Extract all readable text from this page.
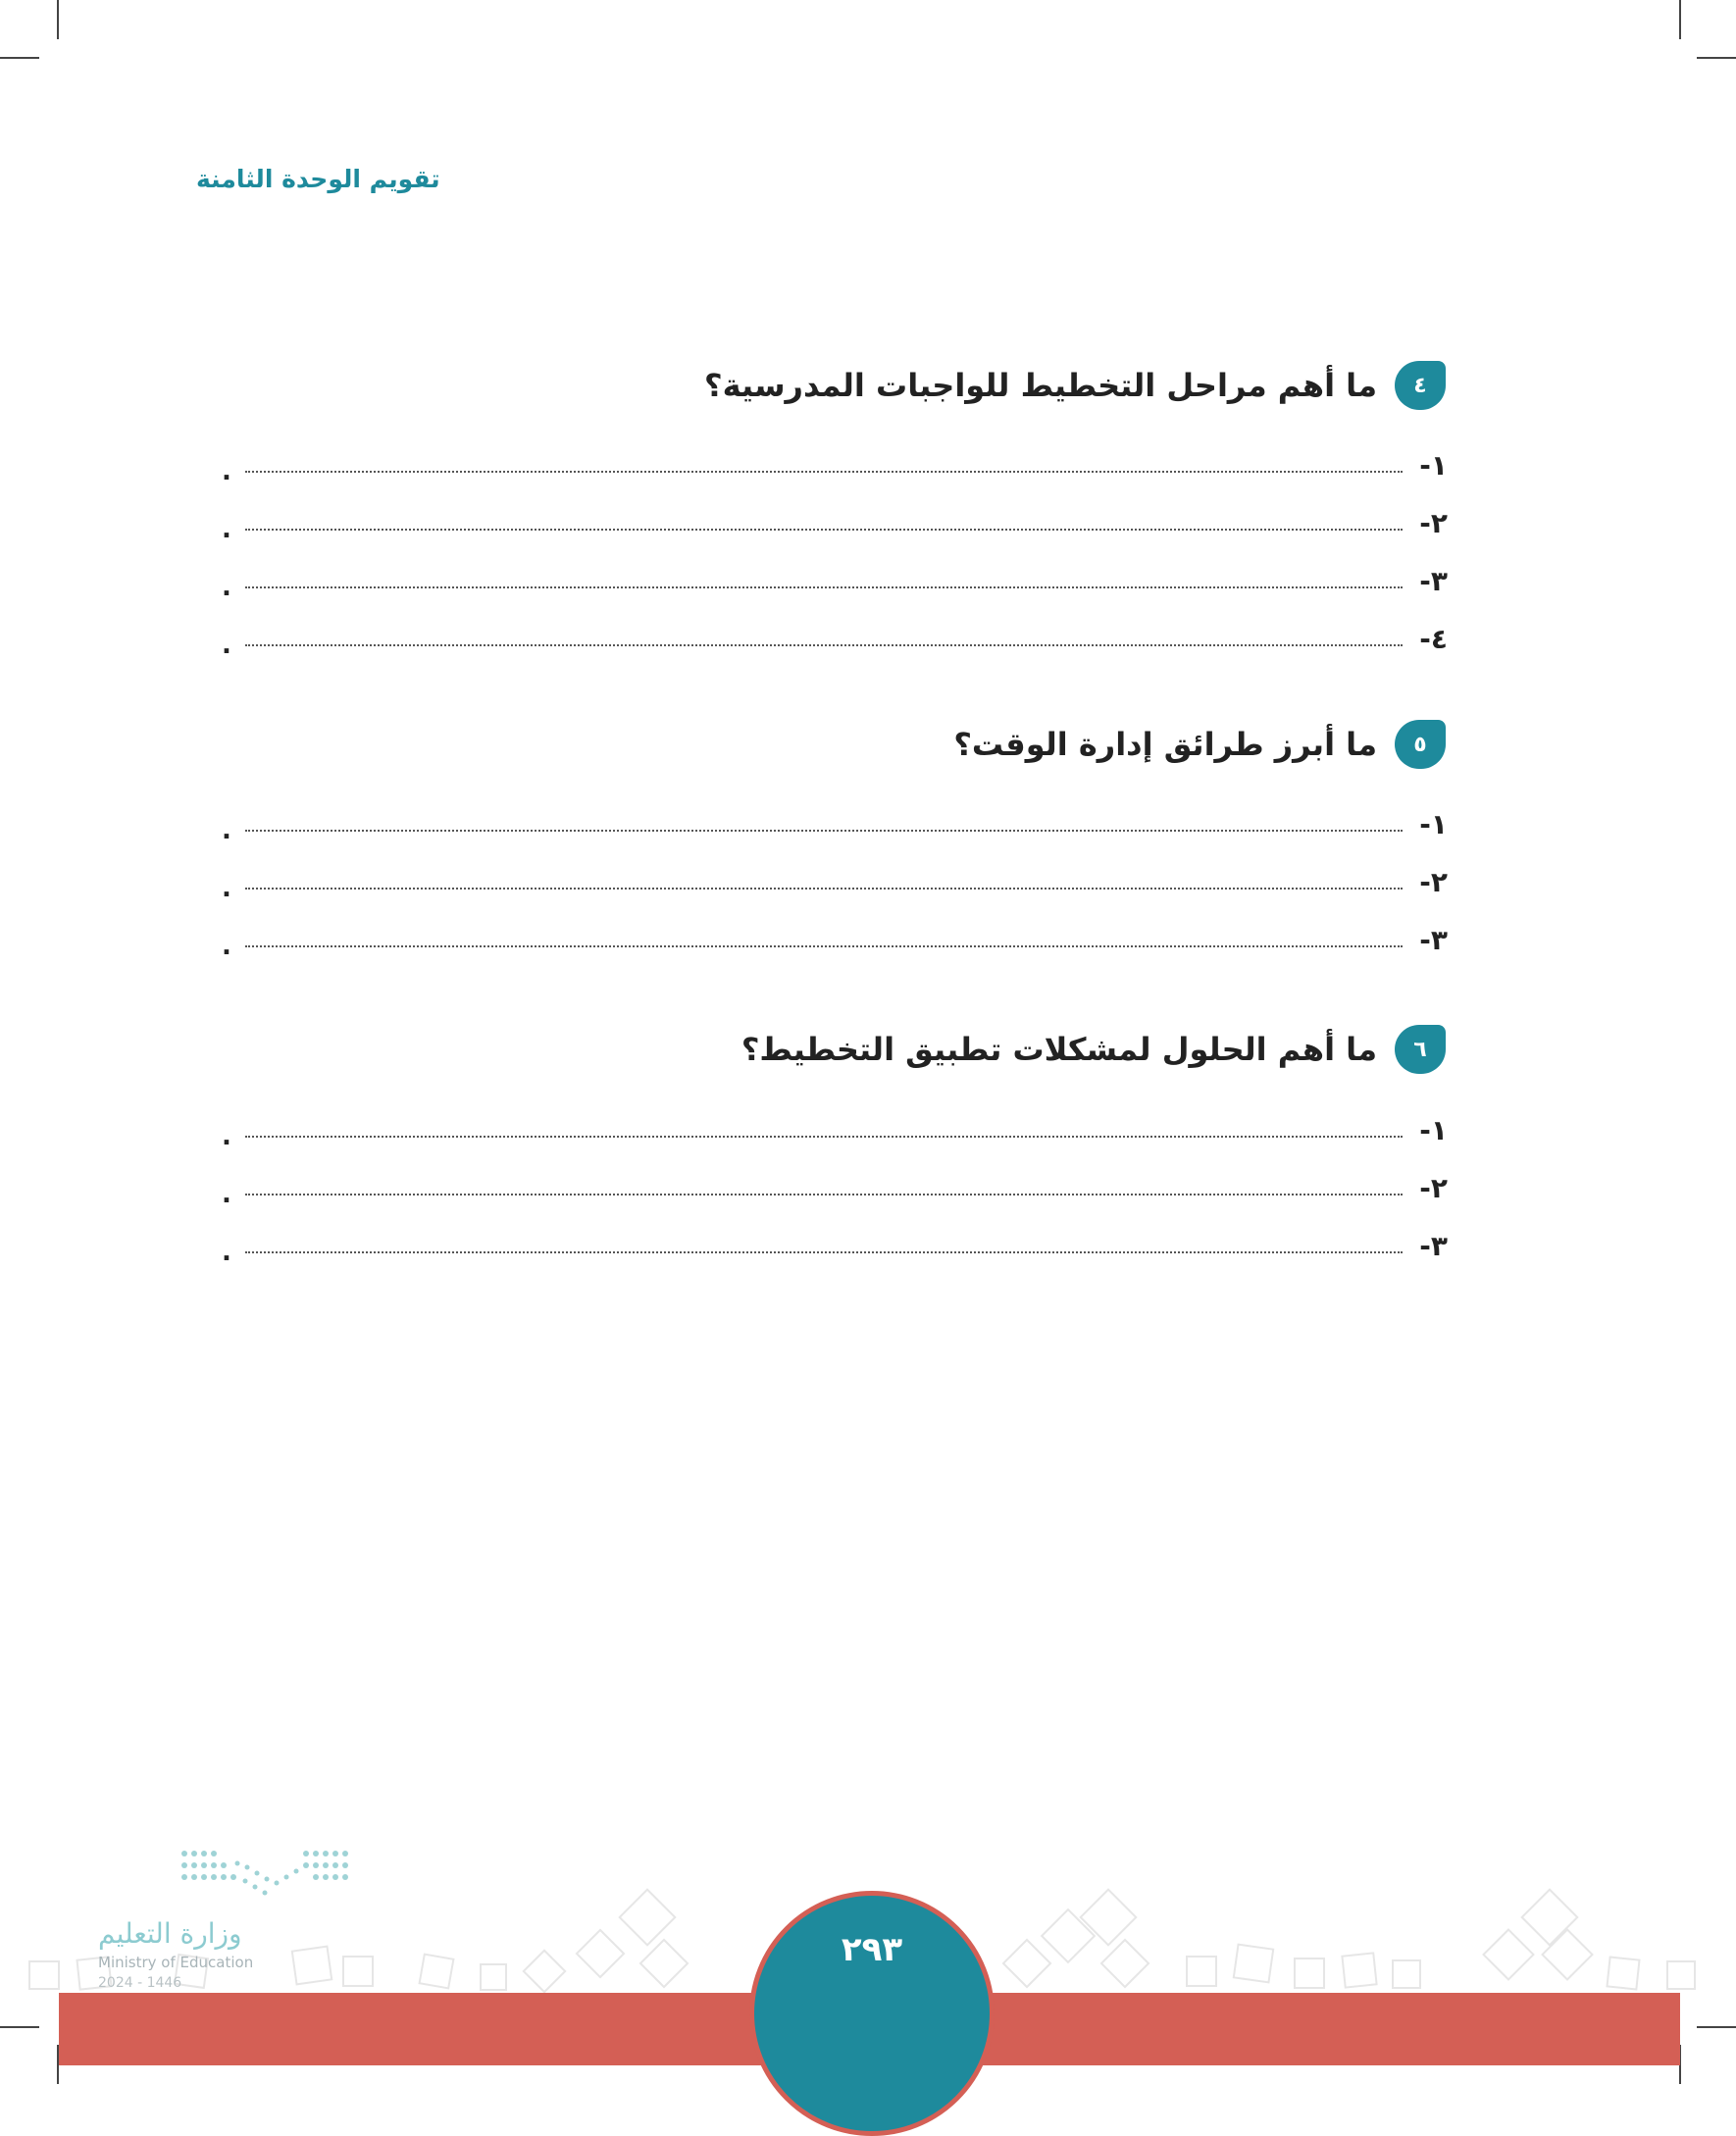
تقويم الوحدة الثامنة
٤
ما أهم مراحل التخطيط للواجبات المدرسية؟
١-
.
٢-
.
٣-
.
٤-
.
٥
ما أبرز طرائق إدارة الوقت؟
١-
.
٢-
.
٣-
.
٦
ما أهم الحلول لمشكلات تطبيق التخطيط؟
١-
.
٢-
.
٣-
.
٢٩٣
وزارة التعليم
Ministry of Education
2024 - 1446
